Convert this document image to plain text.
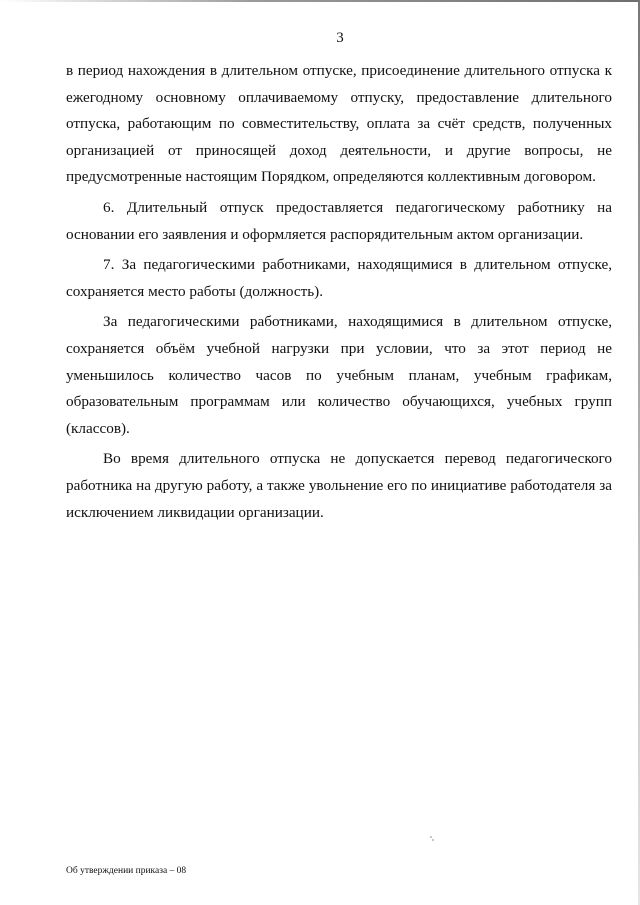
3

в период нахождения в длительном отпуске, присоединение длительного отпуска к ежегодному основному оплачиваемому отпуску, предоставление длительного отпуска, работающим по совместительству, оплата за счёт средств, полученных организацией от приносящей доход деятельности, и другие вопросы, не предусмотренные настоящим Порядком, определяются коллективным договором.

6. Длительный отпуск предоставляется педагогическому работнику на основании его заявления и оформляется распорядительным актом организации.

7. За педагогическими работниками, находящимися в длительном отпуске, сохраняется место работы (должность).

За педагогическими работниками, находящимися в длительном отпуске, сохраняется объём учебной нагрузки при условии, что за этот период не уменьшилось количество часов по учебным планам, учебным графикам, образовательным программам или количество обучающихся, учебных групп (классов).

Во время длительного отпуска не допускается перевод педагогического работника на другую работу, а также увольнение его по инициативе работодателя за исключением ликвидации организации.

Об утверждении приказа – 08
